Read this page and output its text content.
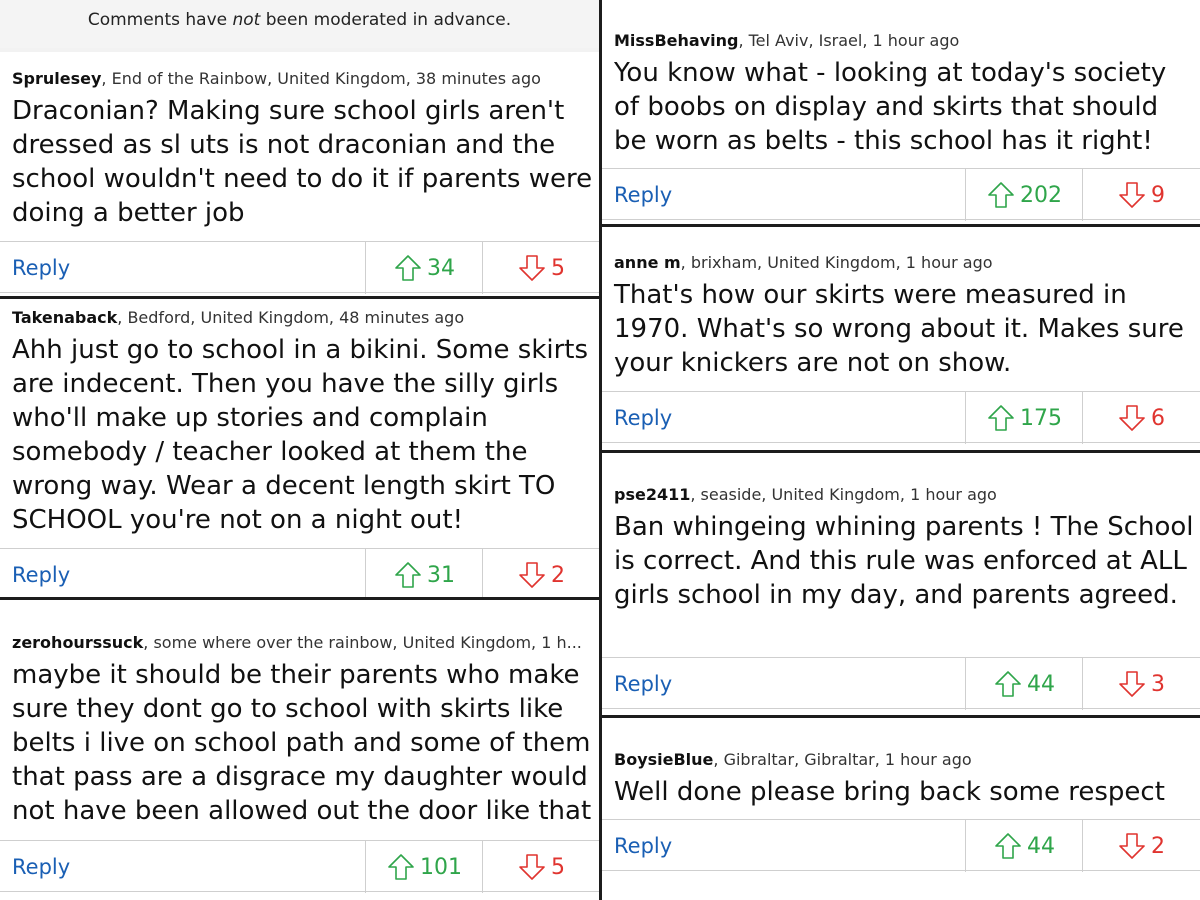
Comments have not been moderated in advance.
Sprulesey, End of the Rainbow, United Kingdom, 38 minutes ago
Draconian? Making sure school girls aren't dressed as sl uts is not draconian and the school wouldn't need to do it if parents were doing a better job
Reply	34	5
Takenaback, Bedford, United Kingdom, 48 minutes ago
Ahh just go to school in a bikini. Some skirts are indecent. Then you have the silly girls who'll make up stories and complain somebody / teacher looked at them the wrong way. Wear a decent length skirt TO SCHOOL you're not on a night out!
Reply	31	2
zerohourssuck, some where over the rainbow, United Kingdom, 1 h...
maybe it should be their parents who make sure they dont go to school with skirts like belts i live on school path and some of them that pass are a disgrace my daughter would not have been allowed out the door like that
Reply	101	5
MissBehaving, Tel Aviv, Israel, 1 hour ago
You know what - looking at today's society of boobs on display and skirts that should be worn as belts - this school has it right!
Reply	202	9
anne m, brixham, United Kingdom, 1 hour ago
That's how our skirts were measured in 1970. What's so wrong about it. Makes sure your knickers are not on show.
Reply	175	6
pse2411, seaside, United Kingdom, 1 hour ago
Ban whingeing whining parents ! The School is correct. And this rule was enforced at ALL girls school in my day, and parents agreed.
Reply	44	3
BoysieBlue, Gibraltar, Gibraltar, 1 hour ago
Well done please bring back some respect
Reply	44	2
